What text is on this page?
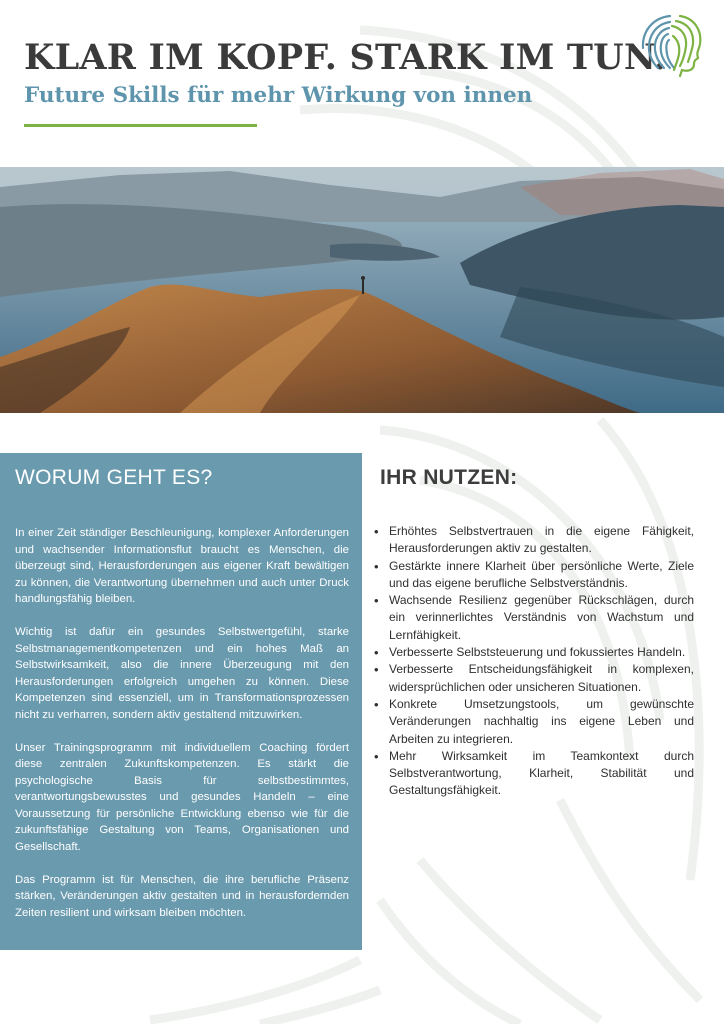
KLAR IM KOPF. STARK IM TUN.
Future Skills für mehr Wirkung von innen
WORUM GEHT ES?

In einer Zeit ständiger Beschleunigung, komplexer Anforderungen und wachsender Informationsflut braucht es Menschen, die überzeugt sind, Herausforderungen aus eigener Kraft bewältigen zu können, die Verantwortung übernehmen und auch unter Druck handlungsfähig bleiben.

Wichtig ist dafür ein gesundes Selbstwertgefühl, starke Selbstmanagementkompetenzen und ein hohes Maß an Selbstwirksamkeit, also die innere Überzeugung mit den Herausforderungen erfolgreich umgehen zu können. Diese Kompetenzen sind essenziell, um in Transformationsprozessen nicht zu verharren, sondern aktiv gestaltend mitzuwirken.

Unser Trainingsprogramm mit individuellem Coaching fördert diese zentralen Zukunftskompetenzen. Es stärkt die psychologische Basis für selbstbestimmtes, verantwortungsbewusstes und gesundes Handeln – eine Voraussetzung für persönliche Entwicklung ebenso wie für die zukunftsfähige Gestaltung von Teams, Organisationen und Gesellschaft.

Das Programm ist für Menschen, die ihre berufliche Präsenz stärken, Veränderungen aktiv gestalten und in herausfordernden Zeiten resilient und wirksam bleiben möchten.

IHR NUTZEN:
• Erhöhtes Selbstvertrauen in die eigene Fähigkeit, Herausforderungen aktiv zu gestalten.
• Gestärkte innere Klarheit über persönliche Werte, Ziele und das eigene berufliche Selbstverständnis.
• Wachsende Resilienz gegenüber Rückschlägen, durch ein verinnerlichtes Verständnis von Wachstum und Lernfähigkeit.
• Verbesserte Selbststeuerung und fokussiertes Handeln.
• Verbesserte Entscheidungsfähigkeit in komplexen, widersprüchlichen oder unsicheren Situationen.
• Konkrete Umsetzungstools, um gewünschte Veränderungen nachhaltig ins eigene Leben und Arbeiten zu integrieren.
• Mehr Wirksamkeit im Teamkontext durch Selbstverantwortung, Klarheit, Stabilität und Gestaltungsfähigkeit.
